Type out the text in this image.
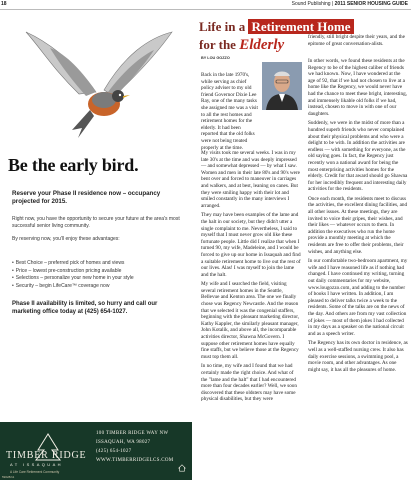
18	Sound Publishing | 2011 SENIOR HOUSING GUIDE
Be the early bird.
Reserve your Phase II residence now – occupancy projected for 2015.
Right now, you have the opportunity to secure your future at the area's most successful senior living community.
By reserving now, you'll enjoy these advantages:
• Best Choice – preferred pick of homes and views
• Price – lowest pre-construction pricing available
• Selections – personalize your new home in your style
• Security – begin LifeCare™ coverage now
Phase II availability is limited, so hurry and call our marketing office today at (425) 654-1027.
TIMBER RIDGE
AT ISSAQUAH
A Life Care Retirement Community
59028/11
100 TIMBER RIDGE WAY NW
ISSAQUAH, WA 98027
(425) 654-1027
WWW.TIMBERRIDGELCS.COM
Life in a Retirement Home
for the Elderly
BY LOU GOZZO
friendly, still bright despite their years, and the epitome of great conversation-alists.

Back in the late 1970's, while serving as chief policy adviser to my old friend Governor Dixie Lee Ray, one of the many tasks she assigned me was a visit to all the rest homes and retirement homes for the elderly. It had been reported that the old folks were not being treated properly at the time.

My visits took me several weeks. I was in my late 30's at the time and was deeply impressed — and somewhat depressed — by what I saw. Women and men in their late 80's and 90's were bent over and forced to maneuver in carriages and walkers, and at best, leaning on canes. But they were smiling happy with their lot and smiled constantly in the many interviews I arranged.

They may have been examples of the lame and the halt in our society, but they didn't utter a single complaint to me. Nevertheless, I said to myself that I must never grow old like these fortunate people. Little did I realize that when I turned 90, my wife, Madeleine, and I would be forced to give up our home in Issaquah and find a suitable retirement home to live out the rest of our lives. Alas! I was myself to join the lame and the halt.

My wife and I searched the field, visiting several retirement homes in the Seattle, Bellevue and Kenton area. The one we finally chose was Regency Newcastle. And the reason that we selected it was the congenial staffers, beginning with the pleasant marketing director, Kathy Kappler, the similarly pleasant manager, John Kotalik, and above all, the incomparable activities director, Shawna McGovern. I suppose other retirement homes have equally fine staffs, but we believe those at the Regency must top them all.

In no time, my wife and I found that we had certainly made the right choice. And what of the "lame and the halt" that I had encountered more than four decades earlier? Well, we soon discovered that these oldsters may have some physical disabilities, but they were

In other words, we found these residents at the Regency to be of the highest caliber of friends we had known. Now, I have wondered at the age of 92, that if we had not chosen to live at a home like the Regency, we would never have had the chance to meet these bright, interesting, and immensely likable old folks if we had, instead, chosen to move in with one of our daughters.

Suddenly, we were in the midst of more than a hundred superb friends who never complained about their physical problems and who were a delight to be with. In addition the activities are endless — with something for everyone, as the old saying goes. In fact, the Regency just recently won a national award for being the most enterprising activities homes for the elderly. Credit for that award should go Shawna for her incredibly frequent and interesting daily activities for the residents.

Once each month, the residents meet to discuss the activities, the excellent dining facilities, and all other issues. At these meetings, they are invited to voice their gripes, their wishes, and their likes — whatever occurs to them. In addition the executives who run the home provide a monthly meeting at which the residents are free to offer their problems, their wishes, and anything else.

In our comfortable two-bedroom apartment, my wife and I have reasoned life as if nothing had changed. I have continued my writing, turning out daily commentaries for my website, www.lougozzo.com, and adding to the number of books I have written. In addition, I am pleased to deliver talks twice a week to the residents. Some of the talks are on the news of the day. And others are from my vast collection of jokes — most of them jokes I had collected in my days as a speaker on the national circuit and as a speech writer.

The Regency has its own doctor in residence, as well as a well-staffed nursing crew. It also has daily exercise sessions, a swimming pool, a movie room, and other advantages. As one might say, it has all the pleasures of home.
